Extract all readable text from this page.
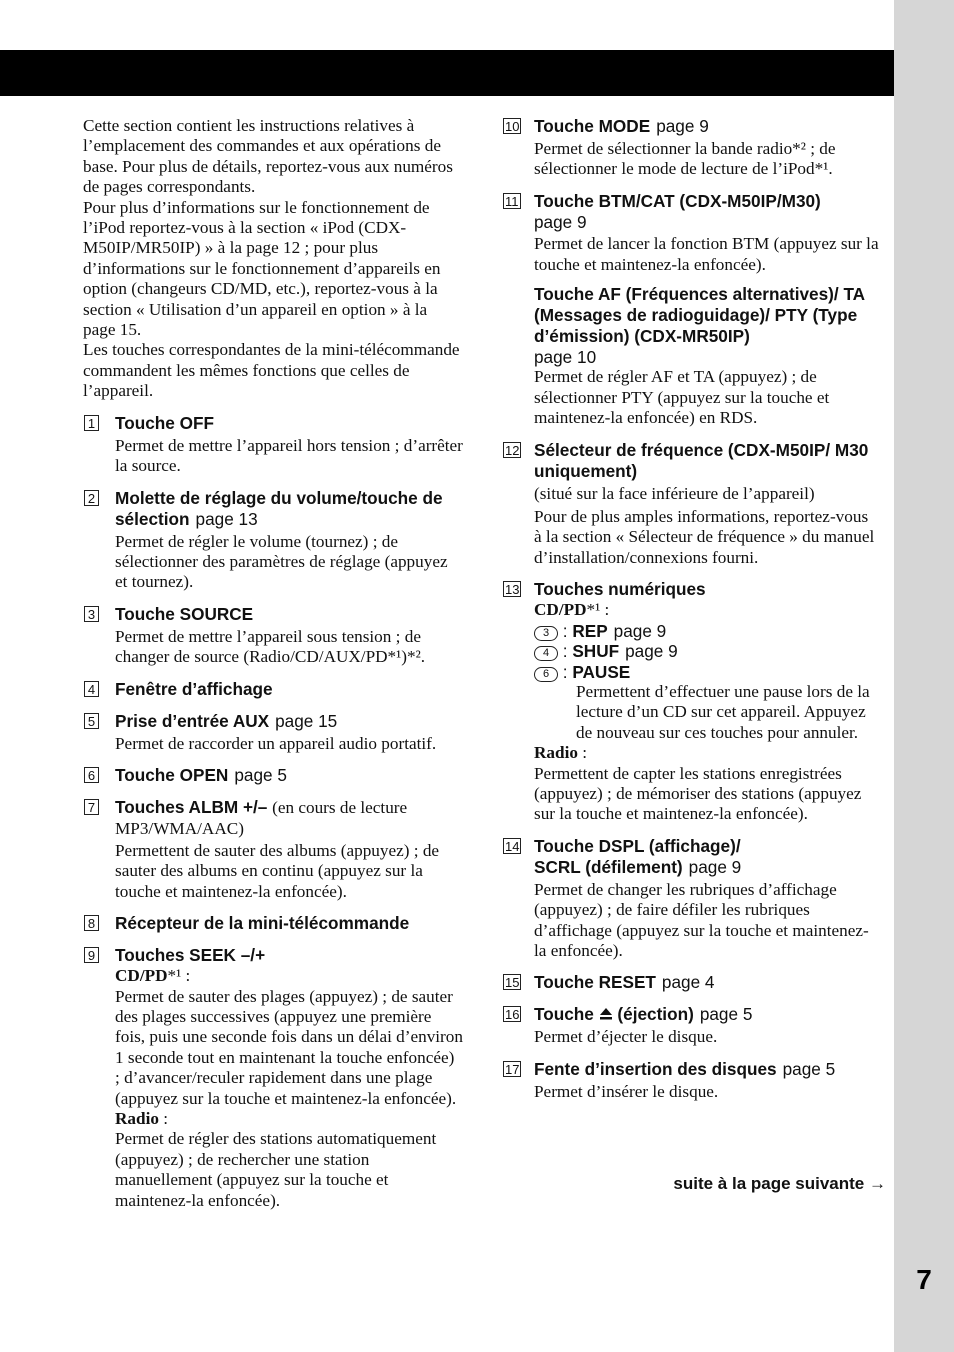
7

Cette section contient les instructions relatives à l’emplacement des commandes et aux opérations de base. Pour plus de détails, reportez-vous aux numéros de pages correspondants.

Pour plus d’informations sur le fonctionnement de l’iPod reportez-vous à la section « iPod (CDX-M50IP/MR50IP) » à la page 12 ; pour plus d’informations sur le fonctionnement d’appareils en option (changeurs CD/MD, etc.), reportez-vous à la section « Utilisation d’un appareil en option » à la page 15.

Les touches correspondantes de la mini-télécommande commandent les mêmes fonctions que celles de l’appareil.

1 Touche OFF
Permet de mettre l’appareil hors tension ; d’arrêter la source.
2 Molette de réglage du volume/touche de sélection page 13
Permet de régler le volume (tournez) ; de sélectionner des paramètres de réglage (appuyez et tournez).
3 Touche SOURCE
Permet de mettre l’appareil sous tension ; de changer de source (Radio/CD/AUX/PD*¹)*².
4 Fenêtre d’affichage
5 Prise d’entrée AUX page 15
Permet de raccorder un appareil audio portatif.
6 Touche OPEN page 5
7 Touches ALBM +/– (en cours de lecture MP3/WMA/AAC)
Permettent de sauter des albums (appuyez) ; de sauter des albums en continu (appuyez sur la touche et maintenez-la enfoncée).
8 Récepteur de la mini-télécommande
9 Touches SEEK –/+
CD/PD*¹ :
Permet de sauter des plages (appuyez) ; de sauter des plages successives (appuyez une première fois, puis une seconde fois dans un délai d’environ 1 seconde tout en maintenant la touche enfoncée) ; d’avancer/reculer rapidement dans une plage (appuyez sur la touche et maintenez-la enfoncée).
Radio :
Permet de régler des stations automatiquement (appuyez) ; de rechercher une station manuellement (appuyez sur la touche et maintenez-la enfoncée).
10 Touche MODE page 9
Permet de sélectionner la bande radio*² ; de sélectionner le mode de lecture de l’iPod*¹.
11 Touche BTM/CAT (CDX-M50IP/M30)
page 9
Permet de lancer la fonction BTM (appuyez sur la touche et maintenez-la enfoncée).
Touche AF (Fréquences alternatives)/ TA (Messages de radioguidage)/ PTY (Type d’émission) (CDX-MR50IP)
page 10
Permet de régler AF et TA (appuyez) ; de sélectionner PTY (appuyez sur la touche et maintenez-la enfoncée) en RDS.
12 Sélecteur de fréquence (CDX-M50IP/ M30 uniquement)
(situé sur la face inférieure de l’appareil)
Pour de plus amples informations, reportez-vous à la section « Sélecteur de fréquence » du manuel d’installation/connexions fourni.
13 Touches numériques
CD/PD*¹ :
3 : REP page 9
4 : SHUF page 9
6 : PAUSE
Permettent d’effectuer une pause lors de la lecture d’un CD sur cet appareil. Appuyez de nouveau sur ces touches pour annuler.
Radio :
Permettent de capter les stations enregistrées (appuyez) ; de mémoriser des stations (appuyez sur la touche et maintenez-la enfoncée).
14 Touche DSPL (affichage)/
SCRL (défilement) page 9
Permet de changer les rubriques d’affichage (appuyez) ; de faire défiler les rubriques d’affichage (appuyez sur la touche et maintenez-la enfoncée).
15 Touche RESET page 4
16 Touche (éjection) page 5
Permet d’éjecter le disque.
17 Fente d’insertion des disques page 5
Permet d’insérer le disque.
suite à la page suivante →
